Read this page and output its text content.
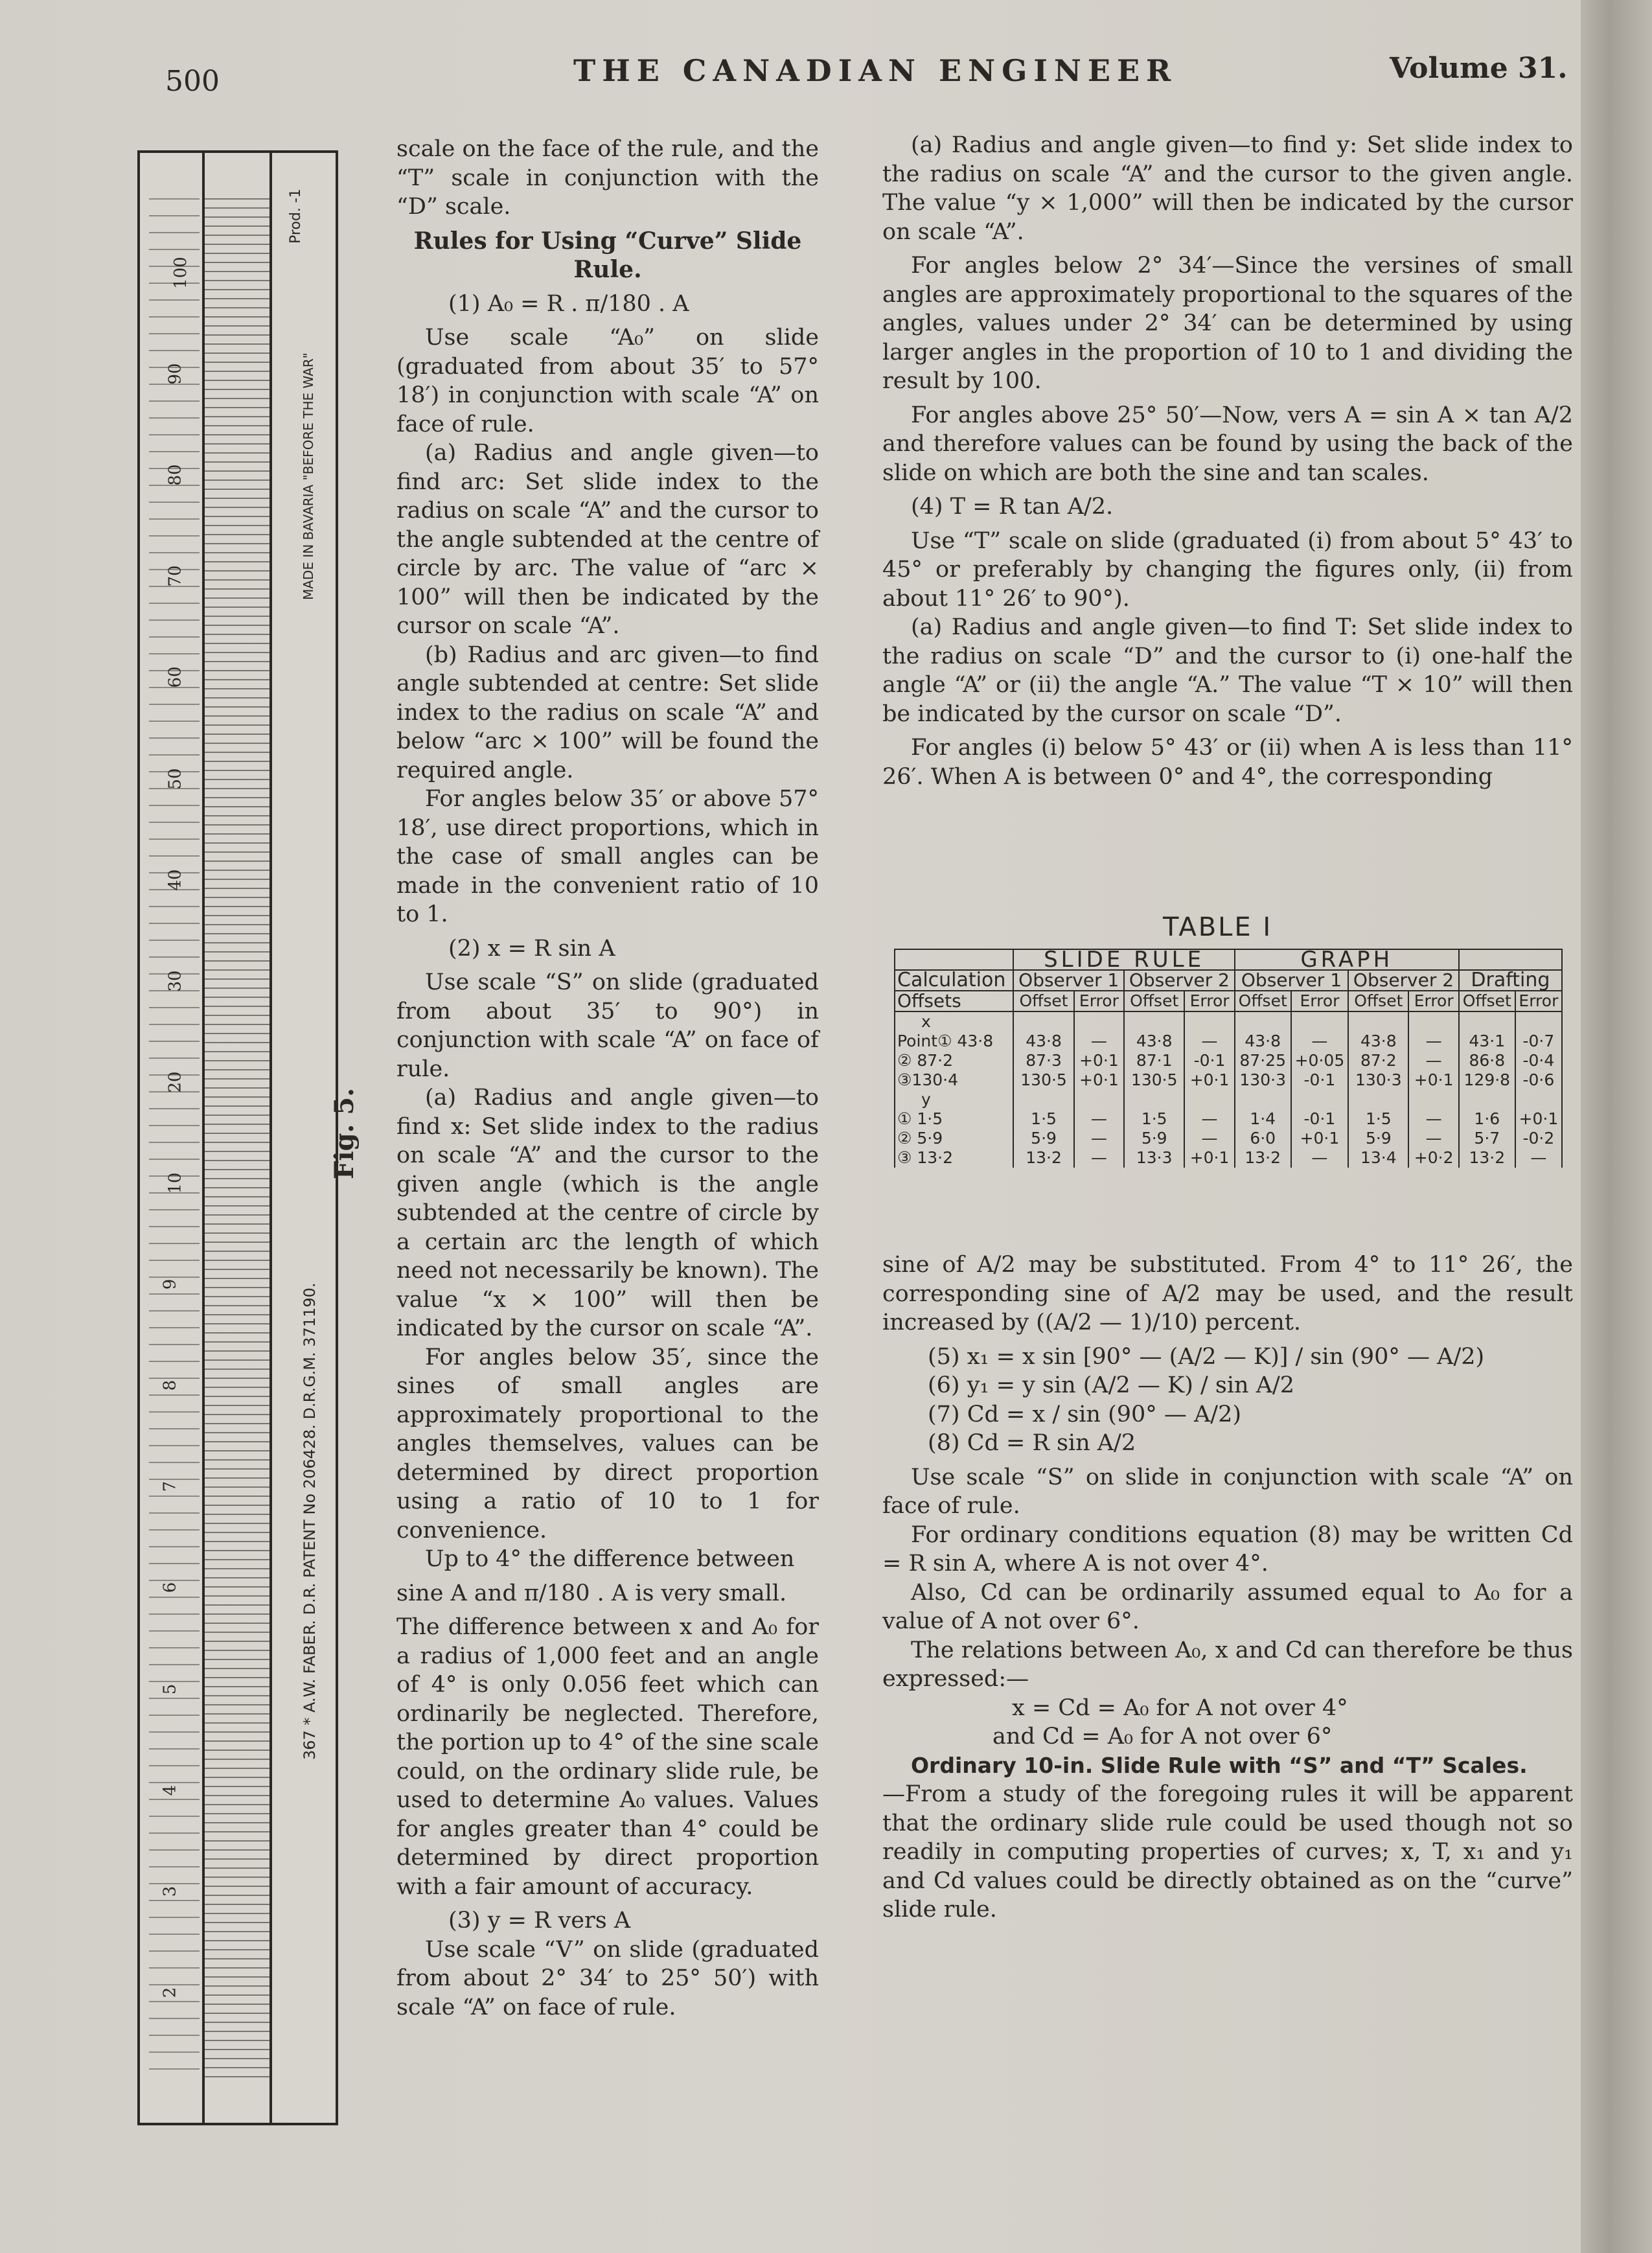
500	THE CANADIAN ENGINEER	Volume 31.
100
90
80
70
60
50
40
30
20
10
9
8
7
6
5
4
3
2
367 * A.W. FABER. D.R. PATENT No 206428. D.R.G.M. 371190.
MADE IN BAVARIA "BEFORE THE WAR"
Prod. -1
Fig. 5.

scale on the face of the rule, and the “T” scale in conjunction with the “D” scale.

Rules for Using “Curve” Slide Rule.

(1) A₀ = R . π/180 . A

Use scale “A₀” on slide (graduated from about 35′ to 57° 18′) in conjunction with scale “A” on face of rule.

(a) Radius and angle given—to find arc: Set slide index to the radius on scale “A” and the cursor to the angle subtended at the centre of circle by arc. The value of “arc × 100” will then be indicated by the cursor on scale “A”.

(b) Radius and arc given—to find angle subtended at centre: Set slide index to the radius on scale “A” and below “arc × 100” will be found the required angle.

For angles below 35′ or above 57° 18′, use direct proportions, which in the case of small angles can be made in the convenient ratio of 10 to 1.

(2) x = R sin A

Use scale “S” on slide (graduated from about 35′ to 90°) in conjunction with scale “A” on face of rule.

(a) Radius and angle given—to find x: Set slide index to the radius on scale “A” and the cursor to the given angle (which is the angle subtended at the centre of circle by a certain arc the length of which need not necessarily be known). The value “x × 100” will then be indicated by the cursor on scale “A”.

For angles below 35′, since the sines of small angles are approximately proportional to the angles themselves, values can be determined by direct proportion using a ratio of 10 to 1 for convenience.

Up to 4° the difference between

sine A and π/180 . A is very small.

The difference between x and A₀ for a radius of 1,000 feet and an angle of 4° is only 0.056 feet which can ordinarily be neglected. Therefore, the portion up to 4° of the sine scale could, on the ordinary slide rule, be used to determine A₀ values. Values for angles greater than 4° could be determined by direct proportion with a fair amount of accuracy.

(3) y = R vers A

Use scale “V” on slide (graduated from about 2° 34′ to 25° 50′) with scale “A” on face of rule.

(a) Radius and angle given—to find y: Set slide index to the radius on scale “A” and the cursor to the given angle. The value “y × 1,000” will then be indicated by the cursor on scale “A”.

For angles below 2° 34′—Since the versines of small angles are approximately proportional to the squares of the angles, values under 2° 34′ can be determined by using larger angles in the proportion of 10 to 1 and dividing the result by 100.

For angles above 25° 50′—Now, vers A = sin A × tan A/2 and therefore values can be found by using the back of the slide on which are both the sine and tan scales.

(4) T = R tan A/2.

Use “T” scale on slide (graduated (i) from about 5° 43′ to 45° or preferably by changing the figures only, (ii) from about 11° 26′ to 90°).

(a) Radius and angle given—to find T: Set slide index to the radius on scale “D” and the cursor to (i) one-half the angle “A” or (ii) the angle “A.” The value “T × 10” will then be indicated by the cursor on scale “D”.

For angles (i) below 5° 43′ or (ii) when A is less than 11° 26′. When A is between 0° and 4°, the corresponding

TABLE I
	SLIDE RULE				GRAPH					
Calculation	Observer 1		Observer 2		Observer 1		Observer 2		Drafting	
Offsets	Offset	Error	Offset	Error	Offset	Error	Offset	Error	Offset	Error
x										
Point① 43·8	43·8	—	43·8	—	43·8	—	43·8	—	43·1	-0·7
② 87·2	87·3	+0·1	87·1	-0·1	87·25	+0·05	87·2	—	86·8	-0·4
③130·4	130·5	+0·1	130·5	+0·1	130·3	-0·1	130·3	+0·1	129·8	-0·6
y										
① 1·5	1·5	—	1·5	—	1·4	-0·1	1·5	—	1·6	+0·1
② 5·9	5·9	—	5·9	—	6·0	+0·1	5·9	—	5·7	-0·2
③ 13·2	13·2	—	13·3	+0·1	13·2	—	13·4	+0·2	13·2	—

sine of A/2 may be substituted. From 4° to 11° 26′, the corresponding sine of A/2 may be used, and the result increased by ((A/2 — 1)/10) percent.

(5) x₁ = x sin [90° — (A/2 — K)] / sin (90° — A/2)

(6) y₁ = y sin (A/2 — K) / sin A/2

(7) Cd = x / sin (90° — A/2)

(8) Cd = R sin A/2

Use scale “S” on slide in conjunction with scale “A” on face of rule.

For ordinary conditions equation (8) may be written Cd = R sin A, where A is not over 4°.

Also, Cd can be ordinarily assumed equal to A₀ for a value of A not over 6°.

The relations between A₀, x and Cd can therefore be thus expressed:—

x = Cd = A₀ for A not over 4°

and Cd = A₀ for A not over 6°

Ordinary 10-in. Slide Rule with “S” and “T” Scales.

—From a study of the foregoing rules it will be apparent that the ordinary slide rule could be used though not so readily in computing properties of curves; x, T, x₁ and y₁ and Cd values could be directly obtained as on the “curve” slide rule.
